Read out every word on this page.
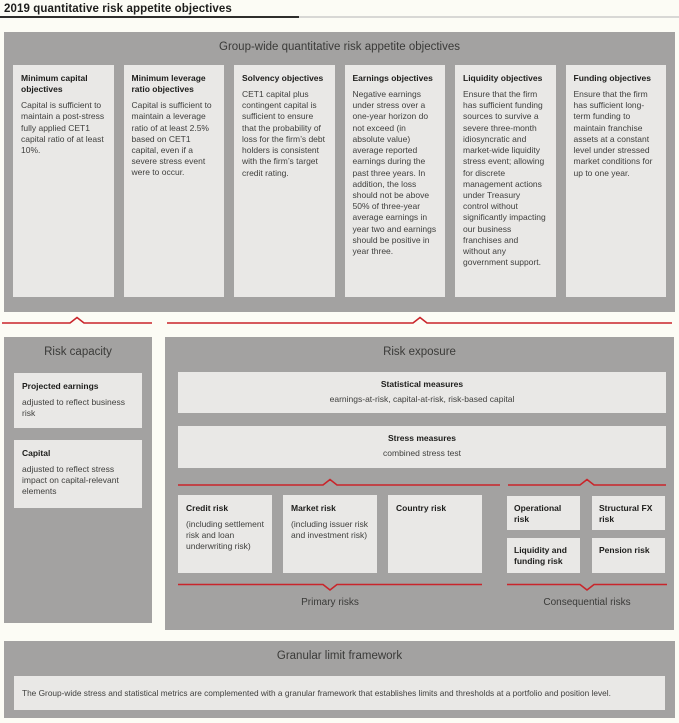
2019 quantitative risk appetite objectives
Group-wide quantitative risk appetite objectives
Minimum capital objectives

Capital is sufficient to maintain a post-stress fully applied CET1 capital ratio of at least 10%.

Minimum leverage ratio objectives

Capital is sufficient to maintain a leverage ratio of at least 2.5% based on CET1 capital, even if a severe stress event were to occur.

Solvency objectives

CET1 capital plus contingent capital is sufficient to ensure that the probability of loss for the firm’s debt holders is consistent with the firm’s target credit rating.

Earnings objectives

Negative earnings under stress over a one-year horizon do not exceed (in absolute value) average reported earnings during the past three years. In addition, the loss should not be above 50% of three-year average earnings in year two and earnings should be positive in year three.

Liquidity objectives

Ensure that the firm has sufficient funding sources to survive a severe three-month idiosyncratic and market-wide liquidity stress event; allowing for discrete management actions under Treasury control without significantly impacting our business franchises and without any government support.

Funding objectives

Ensure that the firm has sufficient long-term funding to maintain franchise assets at a constant level under stressed market conditions for up to one year.

Risk capacity
Projected earnings

adjusted to reflect business risk

Capital

adjusted to reflect stress impact on capital-relevant elements

Risk exposure
Statistical measures
earnings-at-risk, capital-at-risk, risk-based capital
Stress measures
combined stress test
Credit risk

(including settlement risk and loan underwriting risk)

Market risk

(including issuer risk and investment risk)

Country risk	Operational risk
Structural FX risk
Liquidity and funding risk
Pension risk
Primary risks	Consequential risks
Granular limit framework
The Group-wide stress and statistical metrics are complemented with a granular framework that establishes limits and thresholds at a portfolio and position level.
